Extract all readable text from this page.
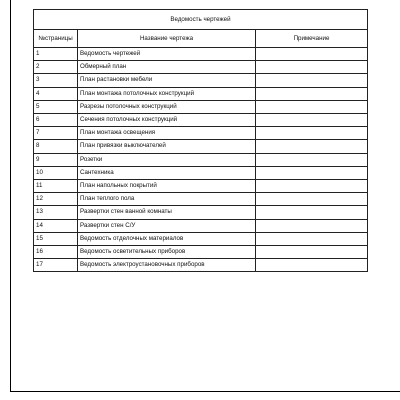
Ведомость чертежей		
№страницы	Название чертежа	Примечание
1	Ведомость чертежей	
2	Обмерный план	
3	План растановки мебели	
4	План монтажа потолочных конструкций	
5	Разрезы потолочных конструкций	
6	Сечения потолочных конструкций	
7	План монтажа освещения	
8	План привязки выключателей	
9	Розетки	
10	Сантехника	
11	План напольных покрытий	
12	План теплого пола	
13	Развертки стен ванной комнаты	
14	Развертки стен С/У	
15	Ведомость отделочных материалов	
16	Ведомость осветительных приборов	
17	Ведомость электроустановочных приборов	
